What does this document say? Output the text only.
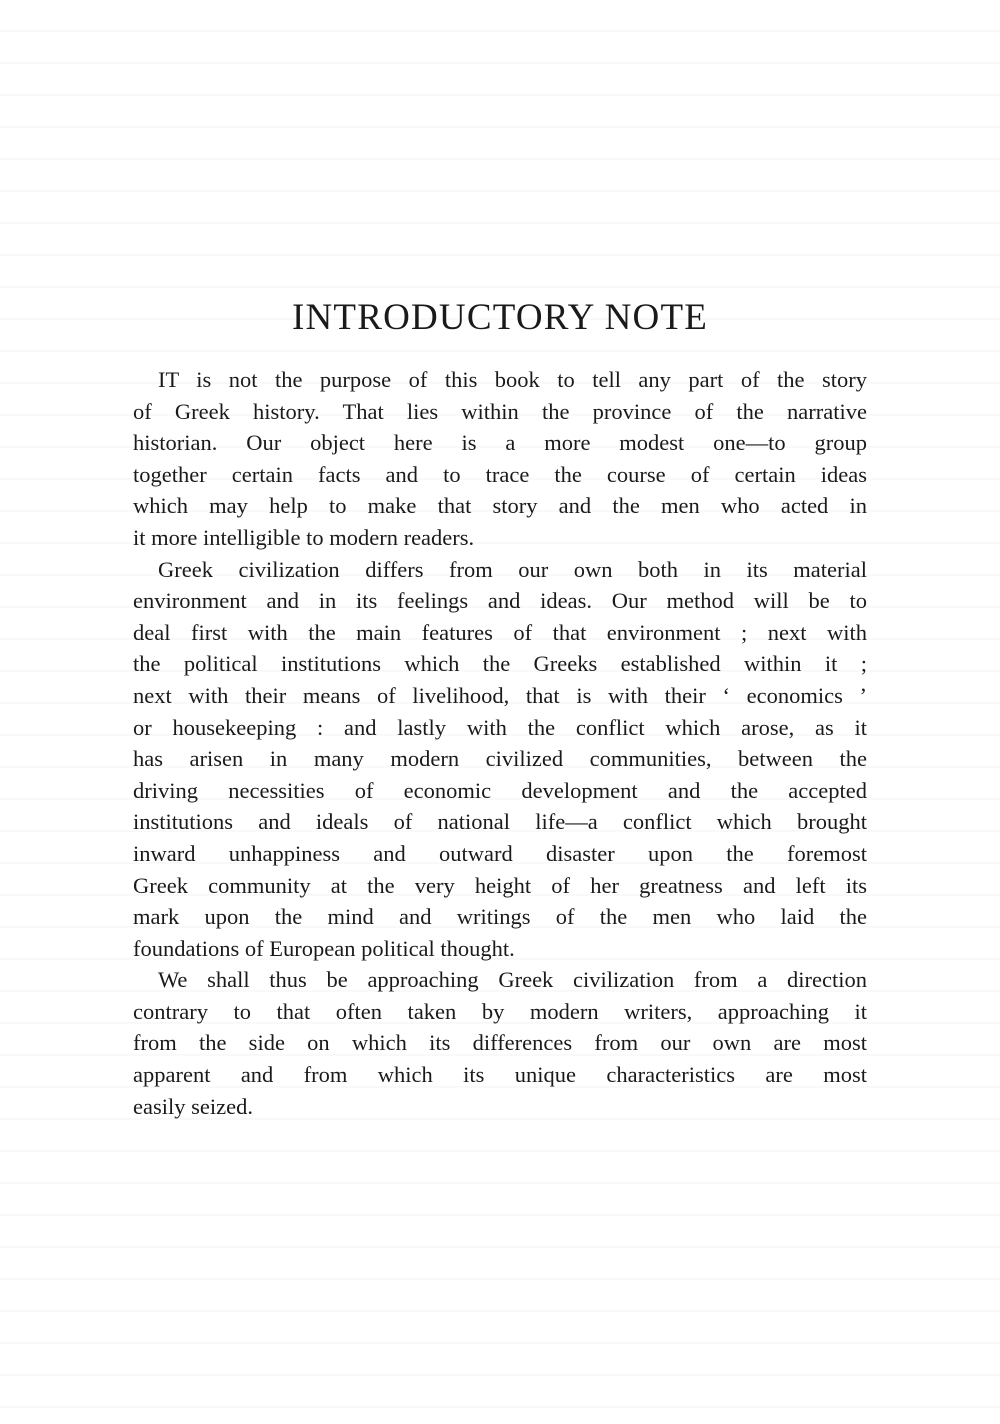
INTRODUCTORY NOTE
IT is not the purpose of this book to tell any part of the story
of Greek history. That lies within the province of the narrative
historian. Our object here is a more modest one—to group
together certain facts and to trace the course of certain ideas
which may help to make that story and the men who acted in
it more intelligible to modern readers.
Greek civilization differs from our own both in its material
environment and in its feelings and ideas. Our method will be to
deal first with the main features of that environment ; next with
the political institutions which the Greeks established within it ;
next with their means of livelihood, that is with their ‘ economics ’
or housekeeping : and lastly with the conflict which arose, as it
has arisen in many modern civilized communities, between the
driving necessities of economic development and the accepted
institutions and ideals of national life—a conflict which brought
inward unhappiness and outward disaster upon the foremost
Greek community at the very height of her greatness and left its
mark upon the mind and writings of the men who laid the
foundations of European political thought.
We shall thus be approaching Greek civilization from a direction
contrary to that often taken by modern writers, approaching it
from the side on which its differences from our own are most
apparent and from which its unique characteristics are most
easily seized.
